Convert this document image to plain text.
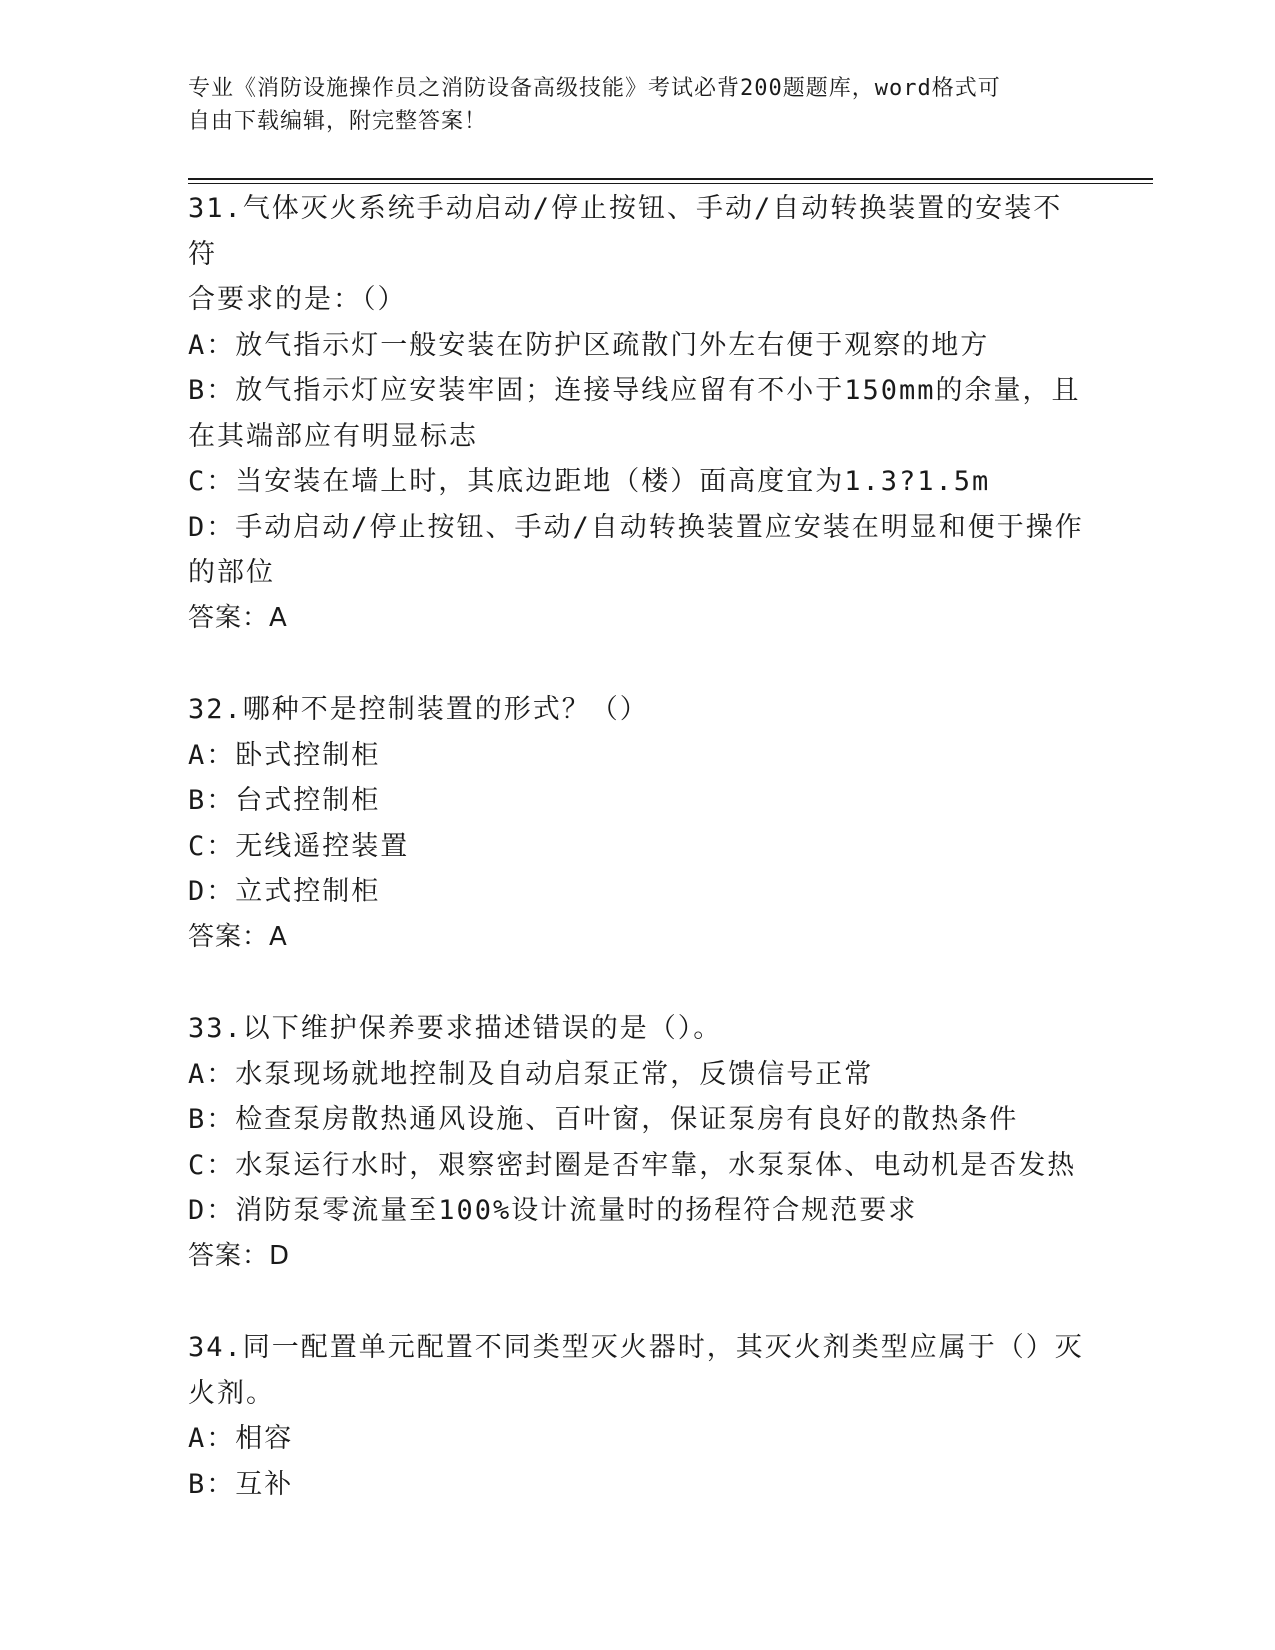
专业《消防设施操作员之消防设备高级技能》考试必背200题题库，word格式可
自由下载编辑，附完整答案！
31.气体灭火系统手动启动/停止按钮、手动/自动转换装置的安装不符
合要求的是：（）
A：放气指示灯一般安装在防护区疏散门外左右便于观察的地方
B：放气指示灯应安装牢固；连接导线应留有不小于150mm的余量，且
在其端部应有明显标志
C：当安装在墙上时，其底边距地（楼）面高度宜为1.3?1.5m
D：手动启动/停止按钮、手动/自动转换装置应安装在明显和便于操作
的部位
答案：A
32.哪种不是控制装置的形式？（）
A：卧式控制柜
B：台式控制柜
C：无线遥控装置
D：立式控制柜
答案：A
33.以下维护保养要求描述错误的是（）。
A：水泵现场就地控制及自动启泵正常，反馈信号正常
B：检查泵房散热通风设施、百叶窗，保证泵房有良好的散热条件
C：水泵运行水时，艰察密封圈是否牢靠，水泵泵体、电动机是否发热
D：消防泵零流量至100%设计流量时的扬程符合规范要求
答案：D
34.同一配置单元配置不同类型灭火器时，其灭火剂类型应属于（）灭
火剂。
A：相容
B：互补
